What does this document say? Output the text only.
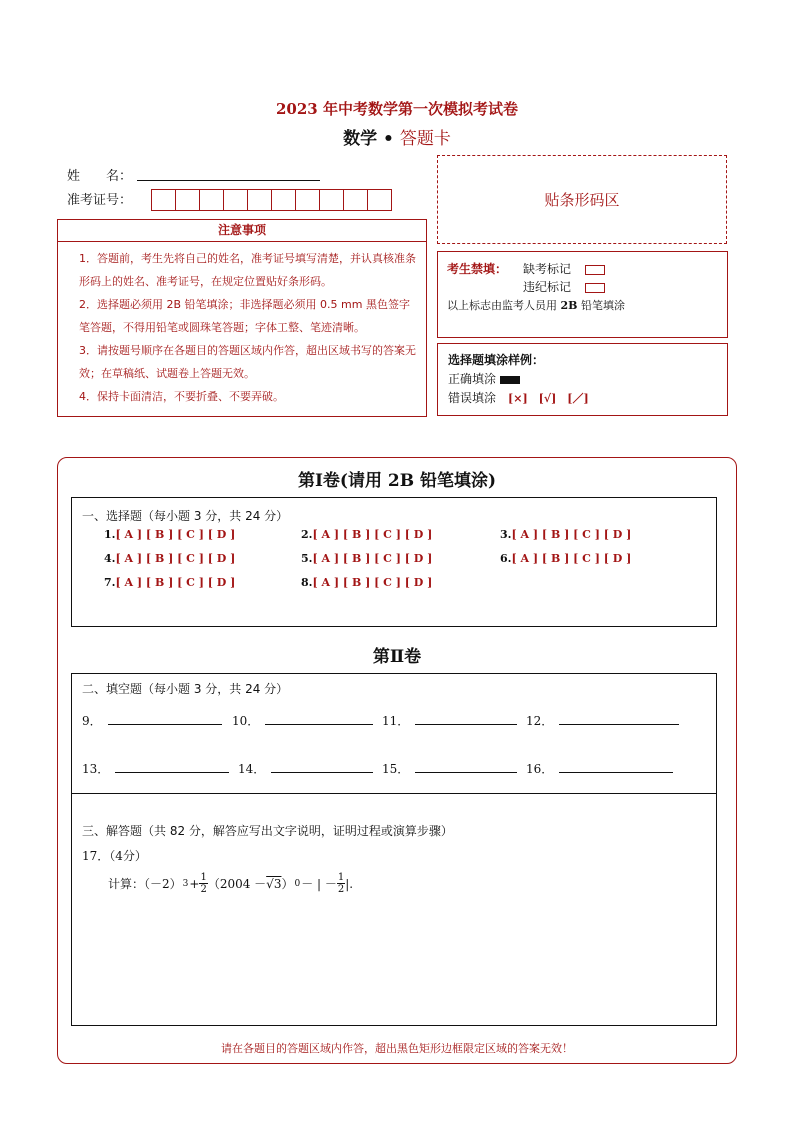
2023 年中考数学第一次模拟考试卷
数学 • 答题卡
姓　　名：
准考证号：	贴条形码区
注意事项
1．答题前，考生先将自己的姓名，准考证号填写清楚，并认真核准条形码上的姓名、准考证号，在规定位置贴好条形码。
2．选择题必须用 2B 铅笔填涂；非选择题必须用 0.5 mm 黑色签字笔答题，不得用铅笔或圆珠笔答题；字体工整、笔迹清晰。
3．请按题号顺序在各题目的答题区域内作答，超出区域书写的答案无效；在草稿纸、试题卷上答题无效。
4．保持卡面清洁，不要折叠、不要弄破。
考生禁填： 缺考标记
违纪标记
以上标志由监考人员用 2B 铅笔填涂
选择题填涂样例：
正确填涂
错误填涂　 [×]　[√]　[／]
第Ⅰ卷(请用 2B 铅笔填涂)
一、选择题（每小题 3 分，共 24 分）
1.[ A ] [ B ] [ C ] [ D ]	2.[ A ] [ B ] [ C ] [ D ]	3.[ A ] [ B ] [ C ] [ D ]
4.[ A ] [ B ] [ C ] [ D ]	5.[ A ] [ B ] [ C ] [ D ]	6.[ A ] [ B ] [ C ] [ D ]
7.[ A ] [ B ] [ C ] [ D ]	8.[ A ] [ B ] [ C ] [ D ]
第Ⅱ卷
二、填空题（每小题 3 分，共 24 分）
9．	10．	11．	12．
13．	14．	15．	16．
三、解答题（共 82 分，解答应写出文字说明，证明过程或演算步骤）
17．（4分）
计算：（－2） $3 + \frac{1}{2} (2004 - √3$ ） 0 － | － $\frac{1}{2}$ |.
请在各题目的答题区域内作答，超出黑色矩形边框限定区域的答案无效！
